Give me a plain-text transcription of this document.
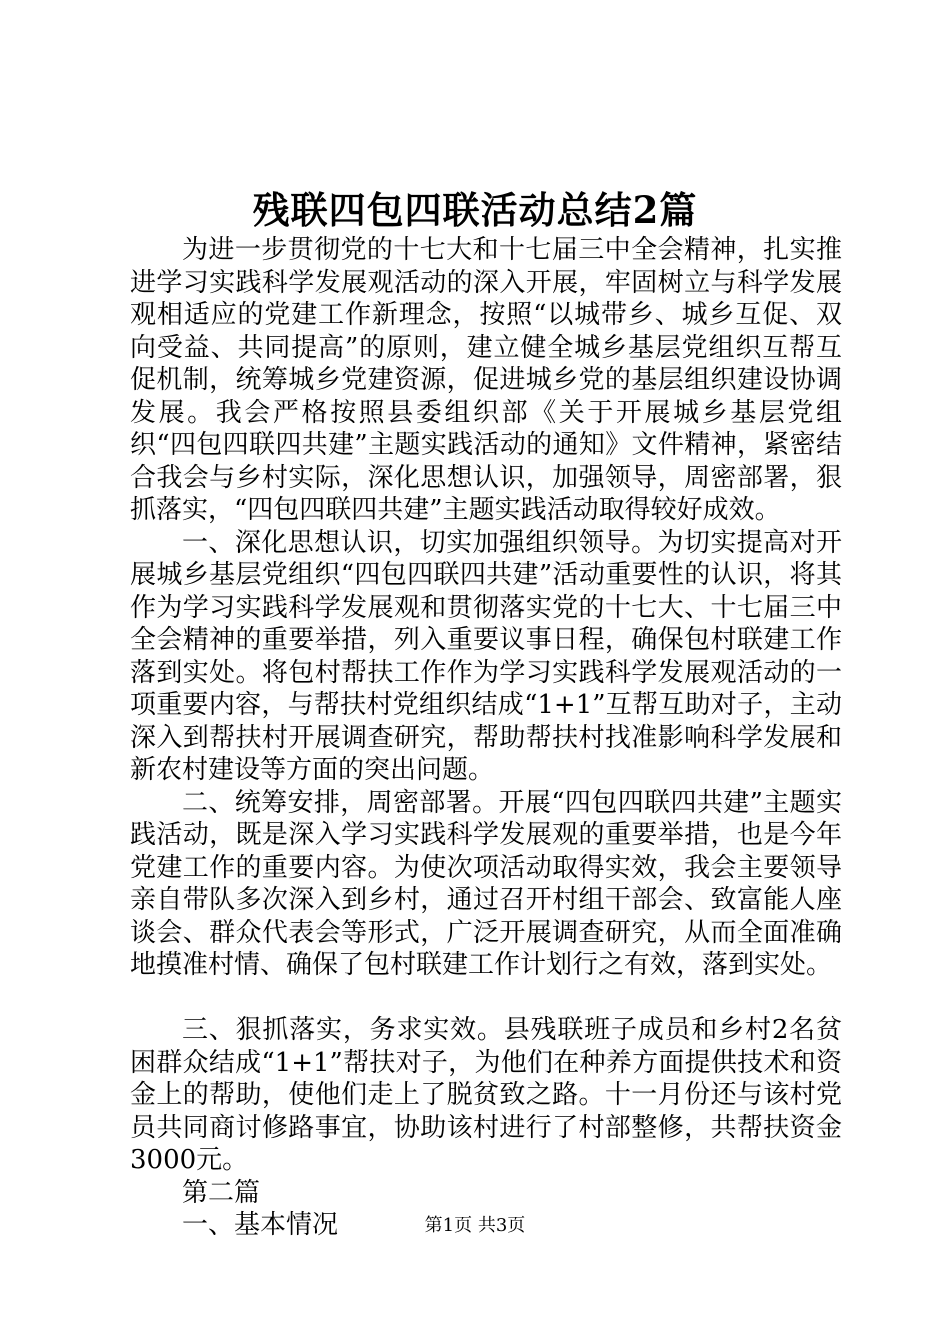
残联四包四联活动总结2篇

为进一步贯彻党的十七大和十七届三中全会精神，扎实推进学习实践科学发展观活动的深入开展，牢固树立与科学发展观相适应的党建工作新理念，按照“以城带乡、城乡互促、双向受益、共同提高”的原则，建立健全城乡基层党组织互帮互促机制，统筹城乡党建资源，促进城乡党的基层组织建设协调发展。我会严格按照县委组织部《关于开展城乡基层党组织“四包四联四共建”主题实践活动的通知》文件精神，紧密结合我会与乡村实际，深化思想认识，加强领导，周密部署，狠抓落实，“四包四联四共建”主题实践活动取得较好成效。

一、深化思想认识，切实加强组织领导。为切实提高对开展城乡基层党组织“四包四联四共建”活动重要性的认识，将其作为学习实践科学发展观和贯彻落实党的十七大、十七届三中全会精神的重要举措，列入重要议事日程，确保包村联建工作落到实处。将包村帮扶工作作为学习实践科学发展观活动的一项重要内容，与帮扶村党组织结成“1+1”互帮互助对子，主动深入到帮扶村开展调查研究，帮助帮扶村找准影响科学发展和新农村建设等方面的突出问题。

二、统筹安排，周密部署。开展“四包四联四共建”主题实践活动，既是深入学习实践科学发展观的重要举措，也是今年党建工作的重要内容。为使次项活动取得实效，我会主要领导亲自带队多次深入到乡村，通过召开村组干部会、致富能人座谈会、群众代表会等形式，广泛开展调查研究，从而全面准确地摸准村情、确保了包村联建工作计划行之有效，落到实处。

三、狠抓落实，务求实效。县残联班子成员和乡村2名贫困群众结成“1+1”帮扶对子，为他们在种养方面提供技术和资金上的帮助，使他们走上了脱贫致之路。十一月份还与该村党员共同商讨修路事宜，协助该村进行了村部整修，共帮扶资金3000元。

第二篇

一、基本情况	第1页 共3页
